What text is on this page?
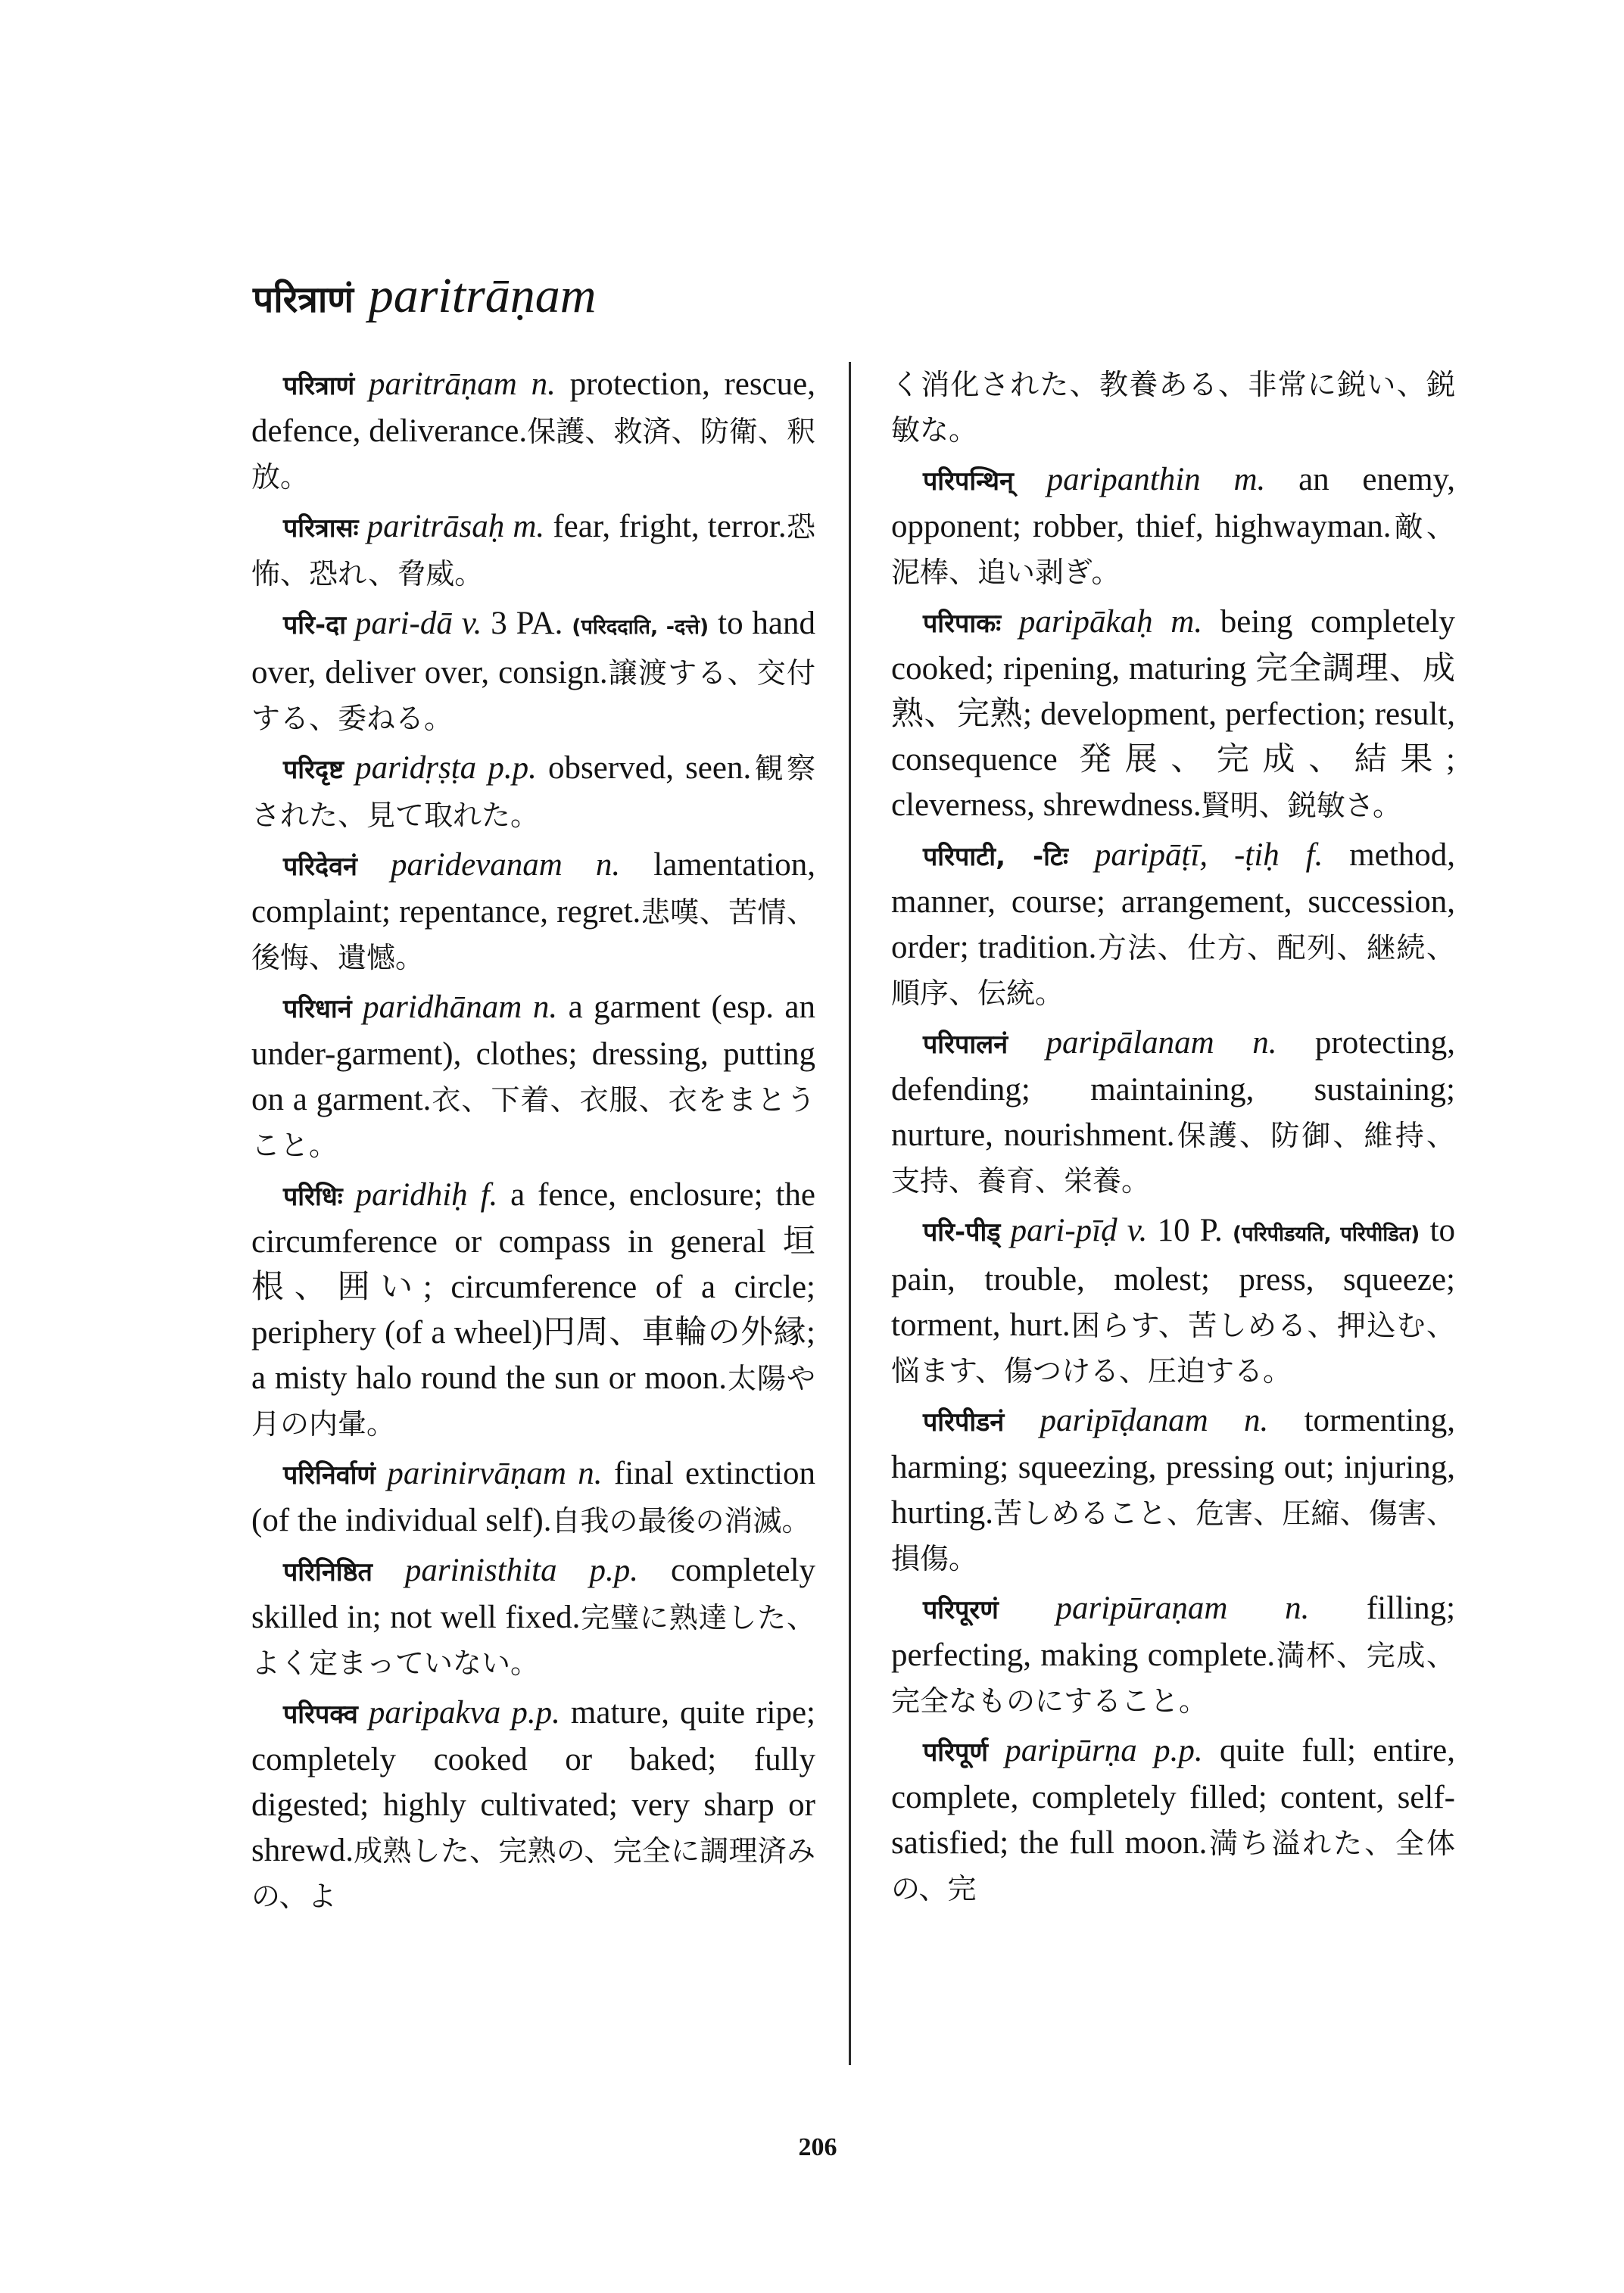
परित्राणं paritrāṇam

परित्राणं paritrāṇam n. protection, rescue, defence, deliverance.保護、救済、防衛、釈放。

परित्रासः paritrāsaḥ m. fear, fright, terror.恐怖、恐れ、脅威。

परि-दा pari-dā v. 3 PA. (परिददाति, -दत्ते) to hand over, deliver over, consign.譲渡する、交付する、委ねる。

परिदृष्ट paridṛṣṭa p.p. observed, seen.観察された、見て取れた。

परिदेवनं paridevanam n. lamentation, complaint; repentance, regret.悲嘆、苦情、後悔、遺憾。

परिधानं paridhānam n. a garment (esp. an under-garment), clothes; dressing, putting on a garment.衣、下着、衣服、衣をまとうこと。

परिधिः paridhiḥ f. a fence, enclosure; the circumference or compass in general 垣根、囲い; circumference of a circle; periphery (of a wheel)円周、車輪の外縁; a misty halo round the sun or moon.太陽や月の内暈。

परिनिर्वाणं parinirvāṇam n. final extinction (of the individual self).自我の最後の消滅。

परिनिष्ठित parinisthita p.p. completely skilled in; not well fixed.完璧に熟達した、よく定まっていない。

परिपक्व paripakva p.p. mature, quite ripe; completely cooked or baked; fully digested; highly cultivated; very sharp or shrewd.成熟した、完熟の、完全に調理済みの、よ

く消化された、教養ある、非常に鋭い、鋭敏な。

परिपन्थिन् paripanthin m. an enemy, opponent; robber, thief, highwayman.敵、泥棒、追い剥ぎ。

परिपाकः paripākaḥ m. being completely cooked; ripening, maturing 完全調理、成熟、完熟; development, perfection; result, consequence 発展、完成、結果; cleverness, shrewdness.賢明、鋭敏さ。

परिपाटी, -टिः paripāṭī, -ṭiḥ f. method, manner, course; arrangement, succession, order; tradition.方法、仕方、配列、継続、順序、伝統。

परिपालनं paripālanam n. protecting, defending; maintaining, sustaining; nurture, nourishment.保護、防御、維持、支持、養育、栄養。

परि-पीड् pari-pīḍ v. 10 P. (परिपीडयति, परिपीडित) to pain, trouble, molest; press, squeeze; torment, hurt.困らす、苦しめる、押込む、悩ます、傷つける、圧迫する。

परिपीडनं paripīḍanam n. tormenting, harming; squeezing, pressing out; injuring, hurting.苦しめること、危害、圧縮、傷害、損傷。

परिपूरणं paripūraṇam n. filling; perfecting, making complete.満杯、完成、完全なものにすること。

परिपूर्ण paripūrṇa p.p. quite full; entire, complete, completely filled; content, self-satisfied; the full moon.満ち溢れた、全体の、完

206
